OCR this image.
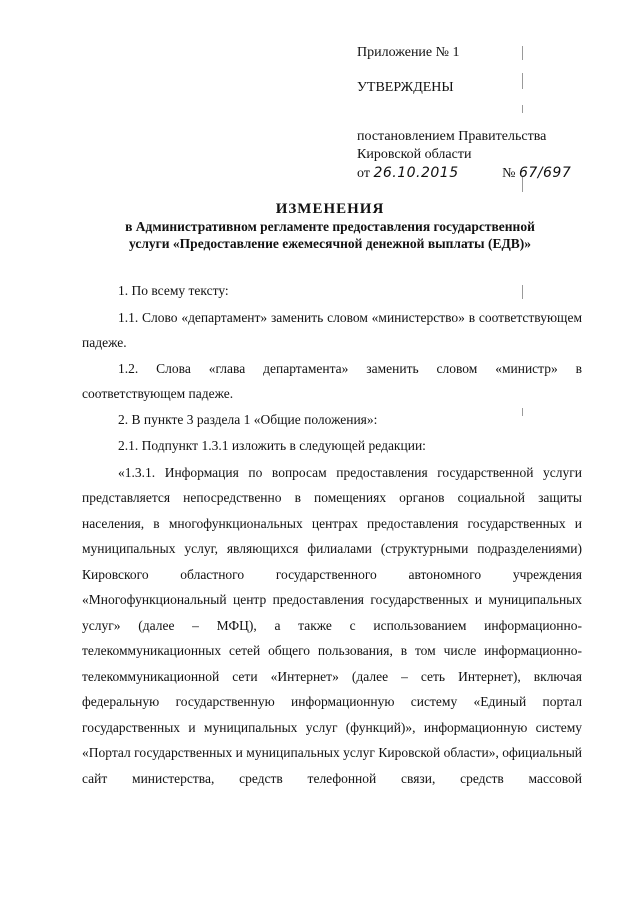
Приложение № 1
УТВЕРЖДЕНЫ
постановлением Правительства
Кировской области
от 26.10.2015	№ 67/697
ИЗМЕНЕНИЯ
в Административном регламенте предоставления государственной
услуги «Предоставление ежемесячной денежной выплаты (ЕДВ)»

1. По всему тексту:

1.1. Слово «департамент» заменить словом «министерство» в соответствующем падеже.

1.2. Слова «глава департамента» заменить словом «министр» в соответствующем падеже.

2. В пункте 3 раздела 1 «Общие положения»:

2.1. Подпункт 1.3.1 изложить в следующей редакции:

«1.3.1. Информация по вопросам предоставления государственной услуги представляется непосредственно в помещениях органов социальной защиты населения, в многофункциональных центрах предоставления государственных и муниципальных услуг, являющихся филиалами (структурными подразделениями) Кировского областного государственного автономного учреждения «Многофункциональный центр предоставления государственных и муниципальных услуг» (далее – МФЦ), а также с использованием информационно-телекоммуникационных сетей общего пользования, в том числе информационно-телекоммуникационной сети «Интернет» (далее – сеть Интернет), включая федеральную государственную информационную систему «Единый портал государственных и муниципальных услуг (функций)», информационную систему «Портал государственных и муниципальных услуг Кировской области», официальный сайт министерства, средств телефонной связи, средств массовой
